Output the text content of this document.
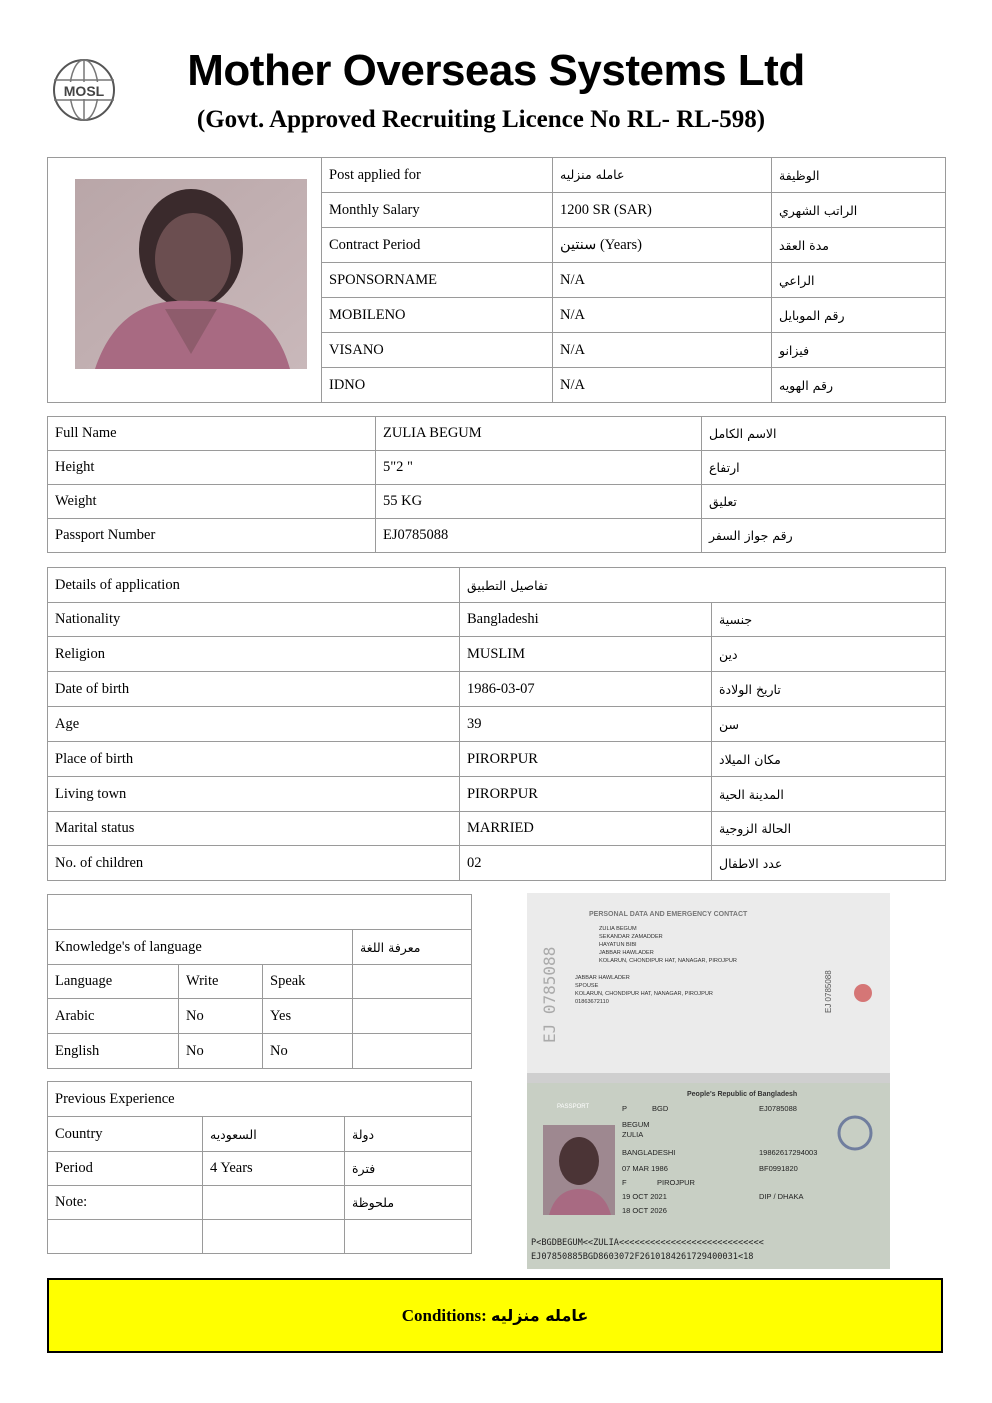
MOSL	Mother Overseas Systems Ltd
(Govt. Approved Recruiting Licence No RL- RL-598)
	Post applied for	عامله منزليه	الوظيفة
	Monthly Salary	1200 SR (SAR)	الراتب الشهري
	Contract Period	سنتين (Years)	مدة العقد
	SPONSORNAME	N/A	الراعي
	MOBILENO	N/A	رقم الموبايل
	VISANO	N/A	فيزانو
	IDNO	N/A	رقم الهويه
Full Name	ZULIA BEGUM	الاسم الكامل
Height	5"2 "	ارتفاع
Weight	55 KG	تعليق
Passport Number	EJ0785088	رقم جواز السفر
Details of application	تفاصيل التطبيق	
Nationality	Bangladeshi	جنسية
Religion	MUSLIM	دين
Date of birth	1986-03-07	تاريخ الولادة
Age	39	سن
Place of birth	PIRORPUR	مكان الميلاد
Living town	PIRORPUR	المدينة الحية
Marital status	MARRIED	الحالة الزوجية
No. of children	02	عدد الاطفال

Knowledge's of language			معرفة اللغة
Language	Write	Speak	
Arabic	No	Yes	
English	No	No	
Previous Experience		
Country	السعوديه	دولة
Period	4 Years	فترة
Note:		ملحوظة

PERSONAL DATA AND EMERGENCY CONTACT
ZULIA BEGUM
SEKANDAR ZAMADDER
HAYATUN BIBI
JABBAR HAWLADER
KOLARUN, CHONDIPUR HAT, NANAGAR, PIROJPUR
JABBAR HAWLADER
SPOUSE
KOLARUN, CHONDIPUR HAT, NANAGAR, PIROJPUR
01863672110
EJ 0785088	EJ 0785088
People's Republic of Bangladesh
PASSPORT	P	BGD	EJ0785088
BEGUM
ZULIA
BANGLADESHI	19862617294003
07 MAR 1986	BF0991820
F	PIROJPUR
19 OCT 2021	DIP / DHAKA
18 OCT 2026
P<BGDBEGUM<<ZULIA<<<<<<<<<<<<<<<<<<<<<<<<<<<<
EJ07850885BGD8603072F2610184261729400031<18
Conditions:
عامله منزليه
